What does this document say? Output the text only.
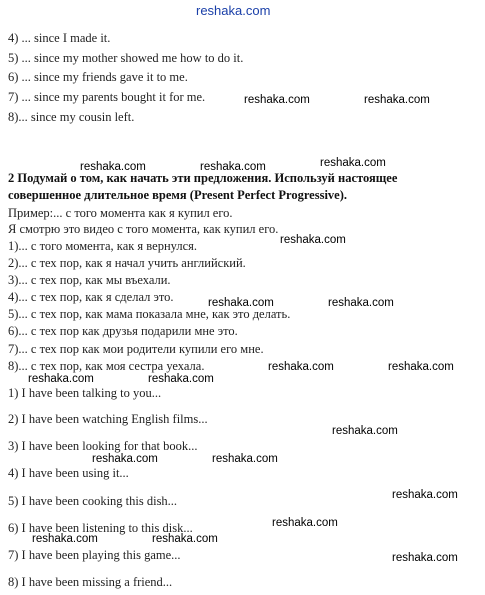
reshaka.com
4) ... since I made it.
5) ... since my mother showed me how to do it.
6) ... since my friends gave it to me.
7) ... since my parents bought it for me.
8)... since my cousin left.
2 Подумай о том, как начать эти предложения. Используй настоящее
совершенное длительное время (Present Perfect Progressive).
Пример:... с того момента как я купил его.
Я смотрю это видео с того момента, как купил его.
1)... с того момента, как я вернулся.
2)... с тех пор, как я начал учить английский.
3)... с тех пор, как мы въехали.
4)... с тех пор, как я сделал это.
5)... с тех пор, как мама показала мне, как это делать.
6)... с тех пор как друзья подарили мне это.
7)... с тех пор как мои родители купили его мне.
8)... с тех пор, как моя сестра уехала.
1) I have been talking to you...
2) I have been watching English films...
3) I have been looking for that book...
4) I have been using it...
5) I have been cooking this dish...
6) I have been listening to this disk...
7) I have been playing this game...
8) I have been missing a friend...
reshaka.com	reshaka.com
reshaka.com
reshaka.com	reshaka.com
reshaka.com
reshaka.com	reshaka.com
reshaka.com	reshaka.com
reshaka.com	reshaka.com
reshaka.com
reshaka.com	reshaka.com
reshaka.com
reshaka.com
reshaka.com	reshaka.com
reshaka.com
